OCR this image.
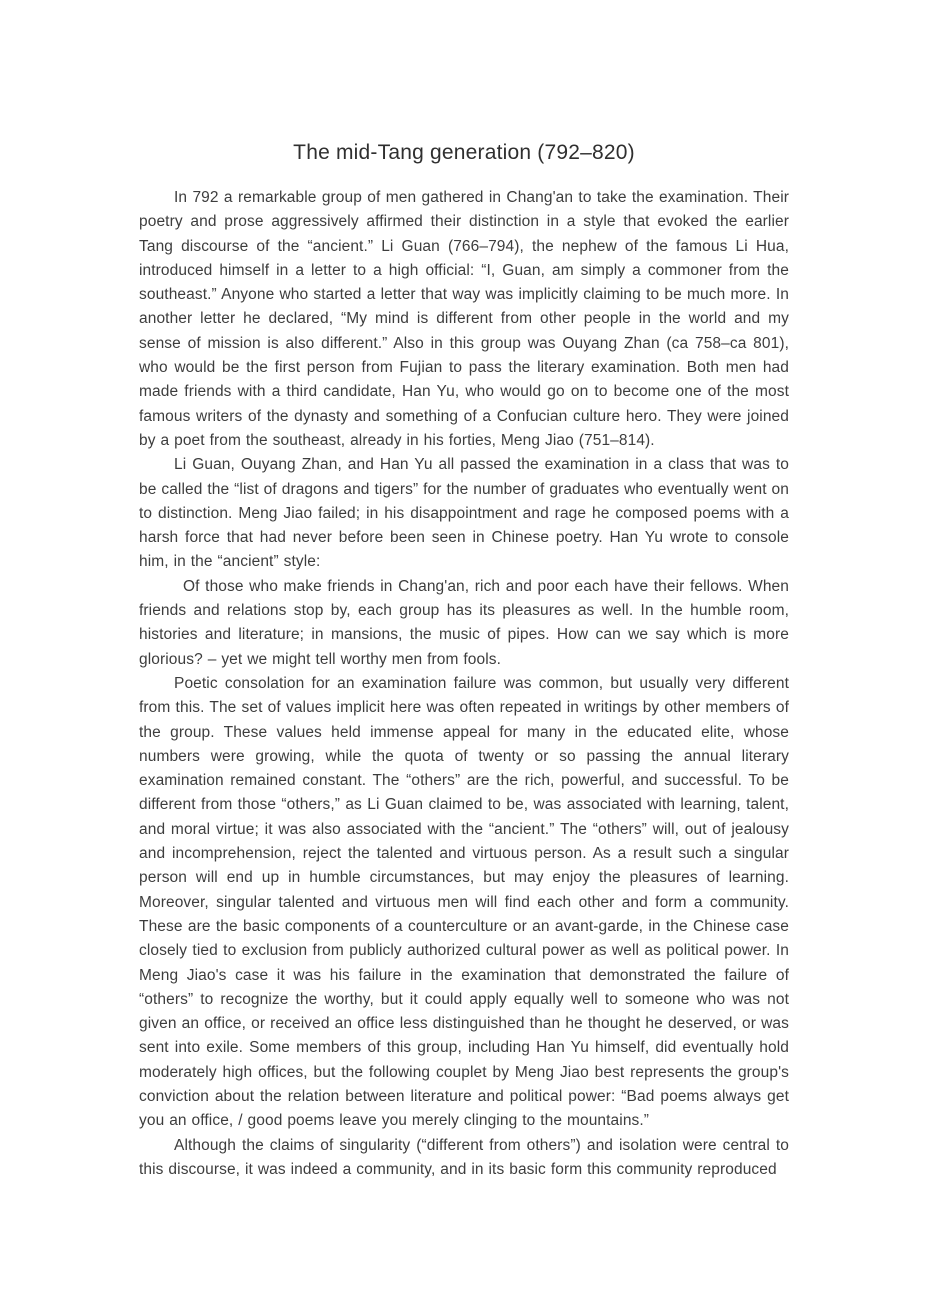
The mid-Tang generation (792–820)

In 792 a remarkable group of men gathered in Chang'an to take the examination. Their poetry and prose aggressively affirmed their distinction in a style that evoked the earlier Tang discourse of the “ancient.” Li Guan (766–794), the nephew of the famous Li Hua, introduced himself in a letter to a high official: “I, Guan, am simply a commoner from the southeast.” Anyone who started a letter that way was implicitly claiming to be much more. In another letter he declared, “My mind is different from other people in the world and my sense of mission is also different.” Also in this group was Ouyang Zhan (ca 758–ca 801), who would be the first person from Fujian to pass the literary examination. Both men had made friends with a third candidate, Han Yu, who would go on to become one of the most famous writers of the dynasty and something of a Confucian culture hero. They were joined by a poet from the southeast, already in his forties, Meng Jiao (751–814).

Li Guan, Ouyang Zhan, and Han Yu all passed the examination in a class that was to be called the “list of dragons and tigers” for the number of graduates who eventually went on to distinction. Meng Jiao failed; in his disappointment and rage he composed poems with a harsh force that had never before been seen in Chinese poetry. Han Yu wrote to console him, in the “ancient” style:

Of those who make friends in Chang'an, rich and poor each have their fellows. When friends and relations stop by, each group has its pleasures as well. In the humble room, histories and literature; in mansions, the music of pipes. How can we say which is more glorious? – yet we might tell worthy men from fools.

Poetic consolation for an examination failure was common, but usually very different from this. The set of values implicit here was often repeated in writings by other members of the group. These values held immense appeal for many in the educated elite, whose numbers were growing, while the quota of twenty or so passing the annual literary examination remained constant. The “others” are the rich, powerful, and successful. To be different from those “others,” as Li Guan claimed to be, was associated with learning, talent, and moral virtue; it was also associated with the “ancient.” The “others” will, out of jealousy and incomprehension, reject the talented and virtuous person. As a result such a singular person will end up in humble circumstances, but may enjoy the pleasures of learning. Moreover, singular talented and virtuous men will find each other and form a community. These are the basic components of a counterculture or an avant-garde, in the Chinese case closely tied to exclusion from publicly authorized cultural power as well as political power. In Meng Jiao's case it was his failure in the examination that demonstrated the failure of “others” to recognize the worthy, but it could apply equally well to someone who was not given an office, or received an office less distinguished than he thought he deserved, or was sent into exile. Some members of this group, including Han Yu himself, did eventually hold moderately high offices, but the following couplet by Meng Jiao best represents the group's conviction about the relation between literature and political power: “Bad poems always get you an office, / good poems leave you merely clinging to the mountains.”

Although the claims of singularity (“different from others”) and isolation were central to this discourse, it was indeed a community, and in its basic form this community reproduced
